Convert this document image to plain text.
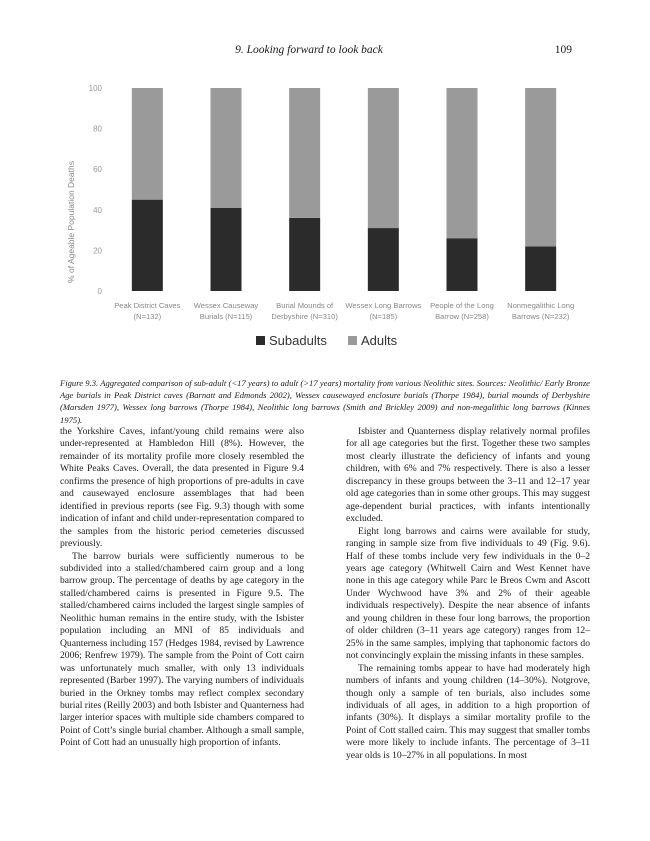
9. Looking forward to look back	109
% of Ageable Population Deaths
0
20
40
60
80
100
Peak District Caves
(N=132)
Wessex Causeway
Burials (N=115)
Burial Mounds of
Derbyshire (N=310)
Wessex Long Barrows
(N=185)
People of the Long
Barrow (N=258)
Nonmegalithic Long
Barrows (N=232)
Subadults	Adults
Figure 9.3. Aggregated comparison of sub-adult (<17 years) to adult (>17 years) mortality from various Neolithic sites. Sources: Neolithic/ Early Bronze Age burials in Peak District caves (Barnatt and Edmonds 2002), Wessex causewayed enclosure burials (Thorpe 1984), burial mounds of Derbyshire (Marsden 1977), Wessex long barrows (Thorpe 1984), Neolithic long barrows (Smith and Brickley 2009) and non-megalithic long barrows (Kinnes 1975).

the Yorkshire Caves, infant/young child remains were also under-represented at Hambledon Hill (8%). However, the remainder of its mortality profile more closely resembled the White Peaks Caves. Overall, the data presented in Figure 9.4 confirms the presence of high proportions of pre-adults in cave and causewayed enclosure assemblages that had been identified in previous reports (see Fig. 9.3) though with some indication of infant and child under-representation compared to the samples from the historic period cemeteries discussed previously.

The barrow burials were sufficiently numerous to be subdivided into a stalled/chambered cairn group and a long barrow group. The percentage of deaths by age category in the stalled/chambered cairns is presented in Figure 9.5. The stalled/chambered cairns included the largest single samples of Neolithic human remains in the entire study, with the Isbister population including an MNI of 85 individuals and Quanterness including 157 (Hedges 1984, revised by Lawrence 2006; Renfrew 1979). The sample from the Point of Cott cairn was unfortunately much smaller, with only 13 individuals represented (Barber 1997). The varying numbers of individuals buried in the Orkney tombs may reflect complex secondary burial rites (Reilly 2003) and both Isbister and Quanterness had larger interior spaces with multiple side chambers compared to Point of Cott’s single burial chamber. Although a small sample, Point of Cott had an unusually high proportion of infants.

Isbister and Quanterness display relatively normal profiles for all age categories but the first. Together these two samples most clearly illustrate the deficiency of infants and young children, with 6% and 7% respectively. There is also a lesser discrepancy in these groups between the 3–11 and 12–17 year old age categories than in some other groups. This may suggest age-dependent burial practices, with infants intentionally excluded.

Eight long barrows and cairns were available for study, ranging in sample size from five individuals to 49 (Fig. 9.6). Half of these tombs include very few individuals in the 0–2 years age category (Whitwell Cairn and West Kennet have none in this age category while Parc le Breos Cwm and Ascott Under Wychwood have 3% and 2% of their ageable individuals respectively). Despite the near absence of infants and young children in these four long barrows, the proportion of older children (3–11 years age category) ranges from 12–25% in the same samples, implying that taphonomic factors do not convincingly explain the missing infants in these samples.

The remaining tombs appear to have had moderately high numbers of infants and young children (14–30%). Notgrove, though only a sample of ten burials, also includes some individuals of all ages, in addition to a high proportion of infants (30%). It displays a similar mortality profile to the Point of Cott stalled cairn. This may suggest that smaller tombs were more likely to include infants. The percentage of 3–11 year olds is 10–27% in all populations. In most
